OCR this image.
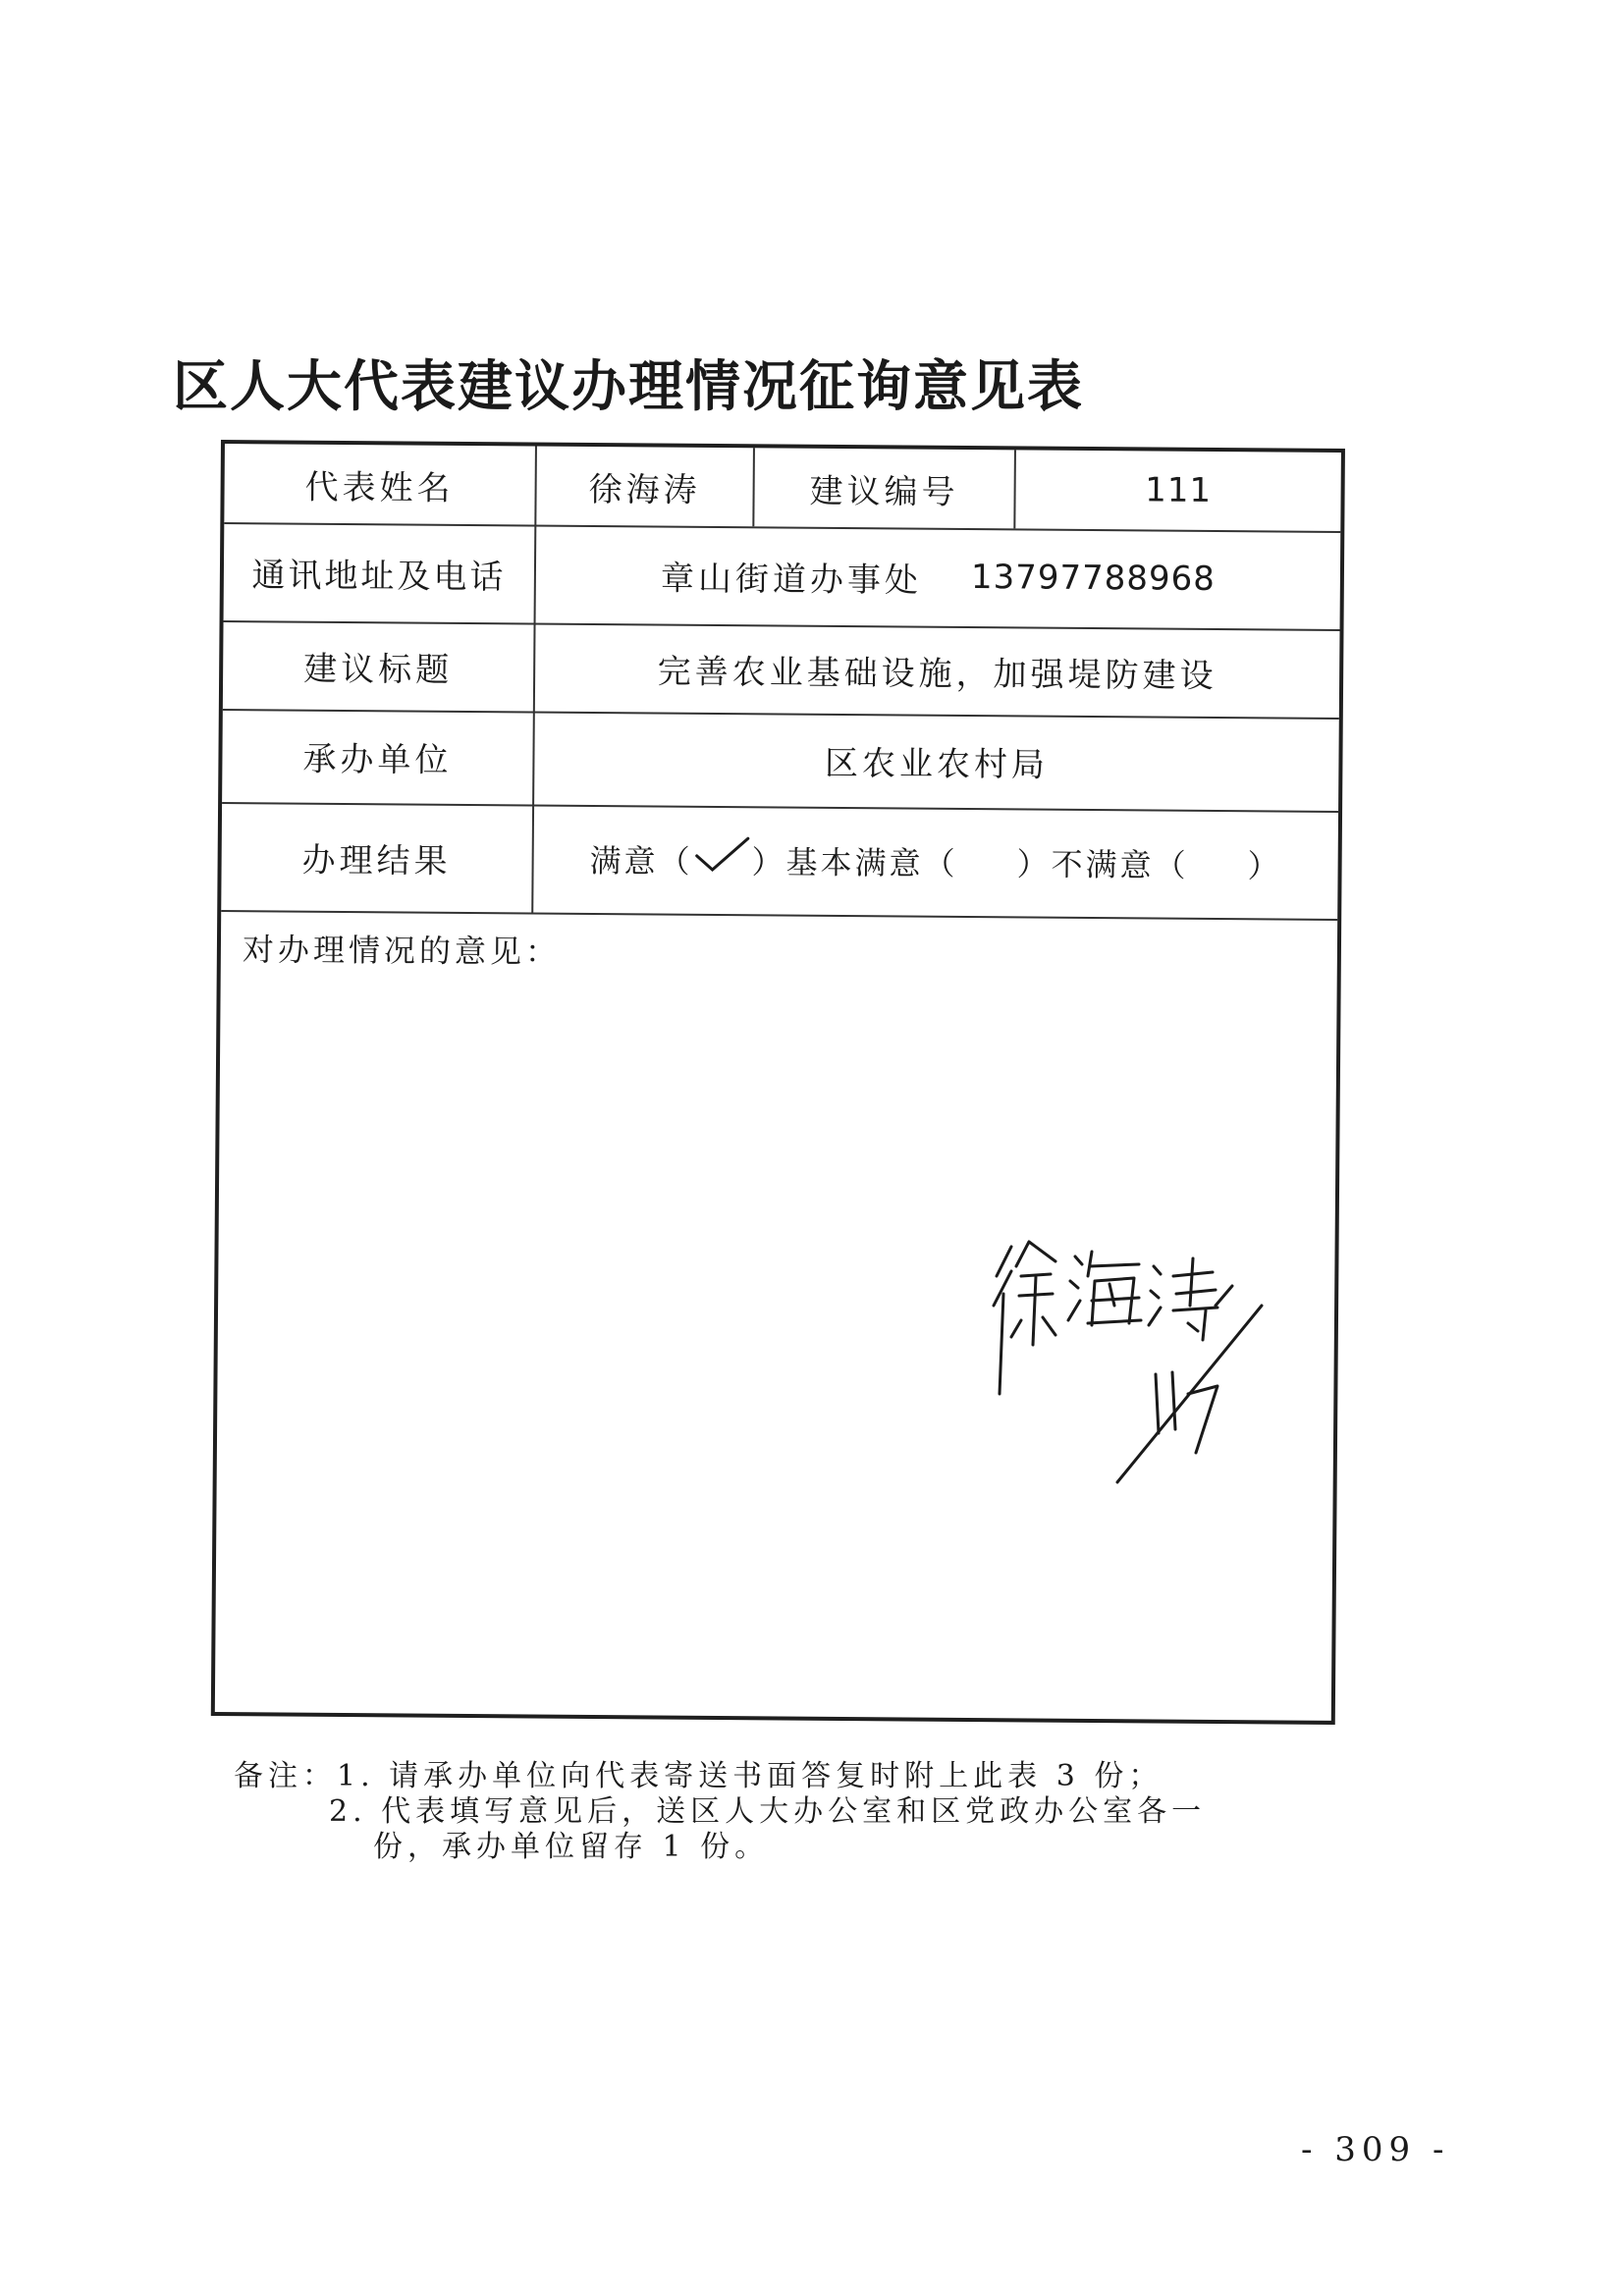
区人大代表建议办理情况征询意见表
代表姓名	徐海涛	建议编号	111
通讯地址及电话	章山街道办事处 13797788968
建议标题	完善农业基础设施，加强堤防建设
承办单位	区农业农村局
办理结果	满意（ ）基本满意（ ）不满意（ ）
对办理情况的意见：
备注：1. 请承办单位向代表寄送书面答复时附上此表 3 份；
2. 代表填写意见后，送区人大办公室和区党政办公室各一
份，承办单位留存 1 份。
- 309 -
